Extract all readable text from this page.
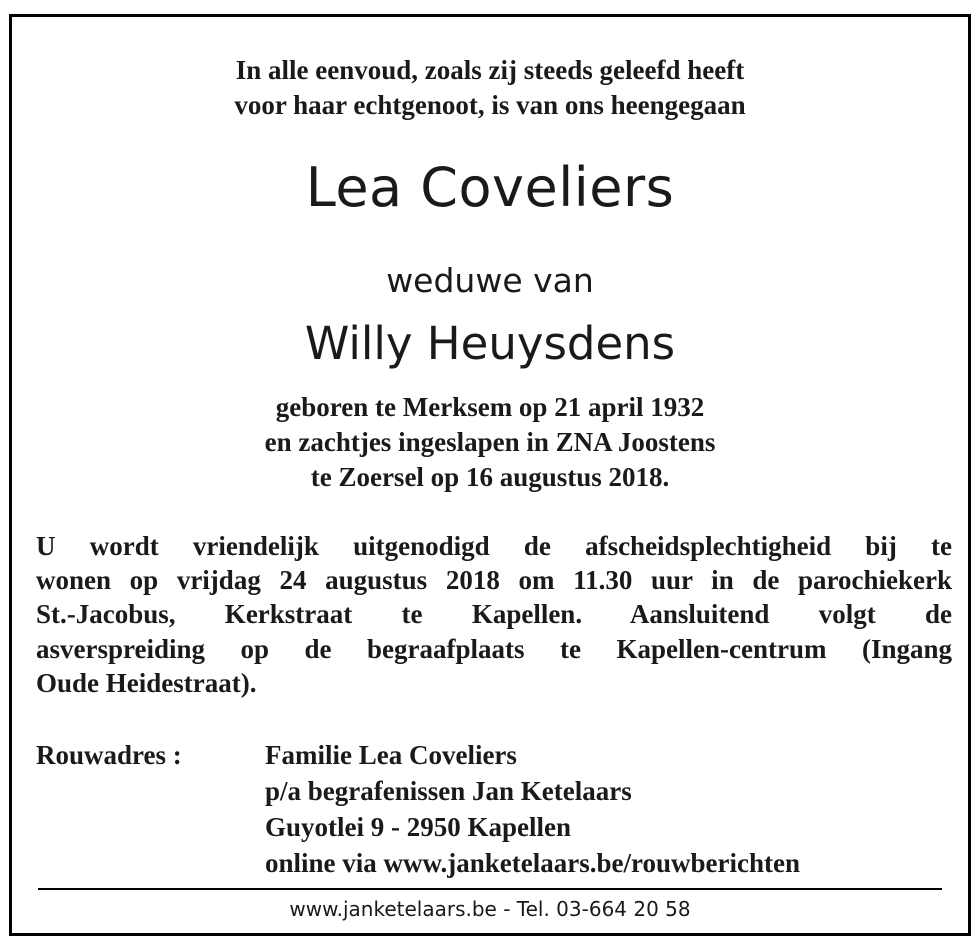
In alle eenvoud, zoals zij steeds geleefd heeft
voor haar echtgenoot, is van ons heengegaan
Lea Coveliers
weduwe van
Willy Heuysdens
geboren te Merksem op 21 april 1932
en zachtjes ingeslapen in ZNA Joostens
te Zoersel op 16 augustus 2018.
U wordt vriendelijk uitgenodigd de afscheidsplechtigheid bij te
wonen op vrijdag 24 augustus 2018 om 11.30 uur in de parochiekerk
St.-Jacobus, Kerkstraat te Kapellen. Aansluitend volgt de
asverspreiding op de begraafplaats te Kapellen-centrum (Ingang
Oude Heidestraat).
Rouwadres :	Familie Lea Coveliers
p/a begrafenissen Jan Ketelaars
Guyotlei 9 - 2950 Kapellen
online via www.janketelaars.be/rouwberichten
www.janketelaars.be - Tel. 03-664 20 58
